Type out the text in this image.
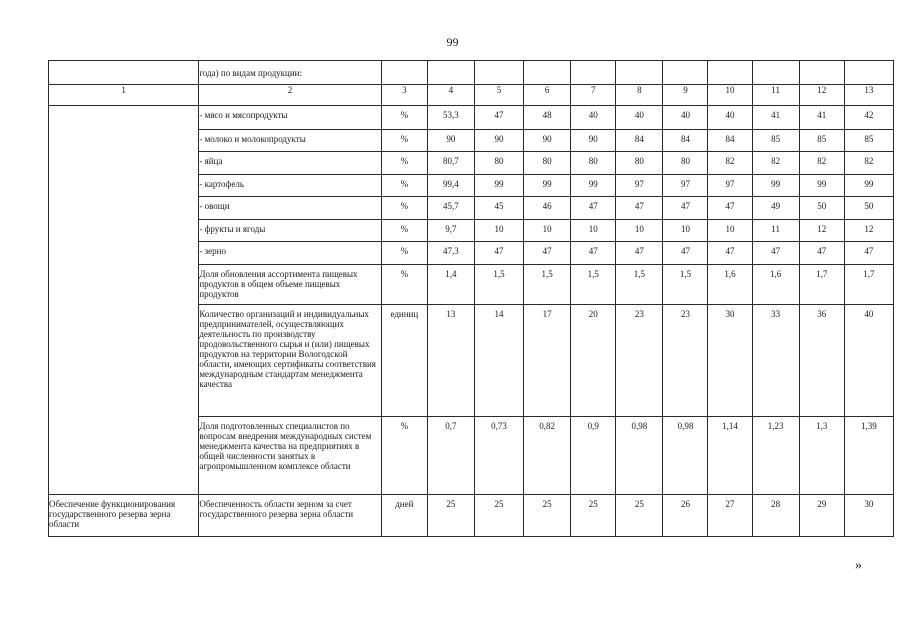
99
	года) по видам продукции:											
1	2	3	4	5	6	7	8	9	10	11	12	13

	- мясо и мясопродукты	%	53,3	47	48	40	40	40	40	41	41	42

	- молоко и молокопродукты	%	90	90	90	90	84	84	84	85	85	85

	- яйца	%	80,7	80	80	80	80	80	82	82	82	82

	- картофель	%	99,4	99	99	99	97	97	97	99	99	99

	- овощи	%	45,7	45	46	47	47	47	47	49	50	50

	- фрукты и ягоды	%	9,7	10	10	10	10	10	10	11	12	12

	- зерно	%	47,3	47	47	47	47	47	47	47	47	47

	Доля обновления ассортимента пищевых продуктов в общем объеме пищевых продуктов	%	1,4	1,5	1,5	1,5	1,5	1,5	1,6	1,6	1,7	1,7

	Количество организаций и индивидуальных предпринимателей, осуществляющих деятельность по производству продовольственного сырья и (или) пищевых продуктов на территории Вологодской области, имеющих сертификаты соответствия международным стандартам менеджмента качества	единиц	13	14	17	20	23	23	30	33	36	40

	Доля подготовленных специалистов по вопросам внедрения международных систем менеджмента качества на предприятиях в общей численности занятых в агропромышленном комплексе области	%	0,7	0,73	0,82	0,9	0,98	0,98	1,14	1,23	1,3	1,39

Обеспечение функционирования государственного резерва зерна области	Обеспеченность области зерном за счет государственного резерва зерна области	дней	25	25	25	25	25	26	27	28	29	30
»
